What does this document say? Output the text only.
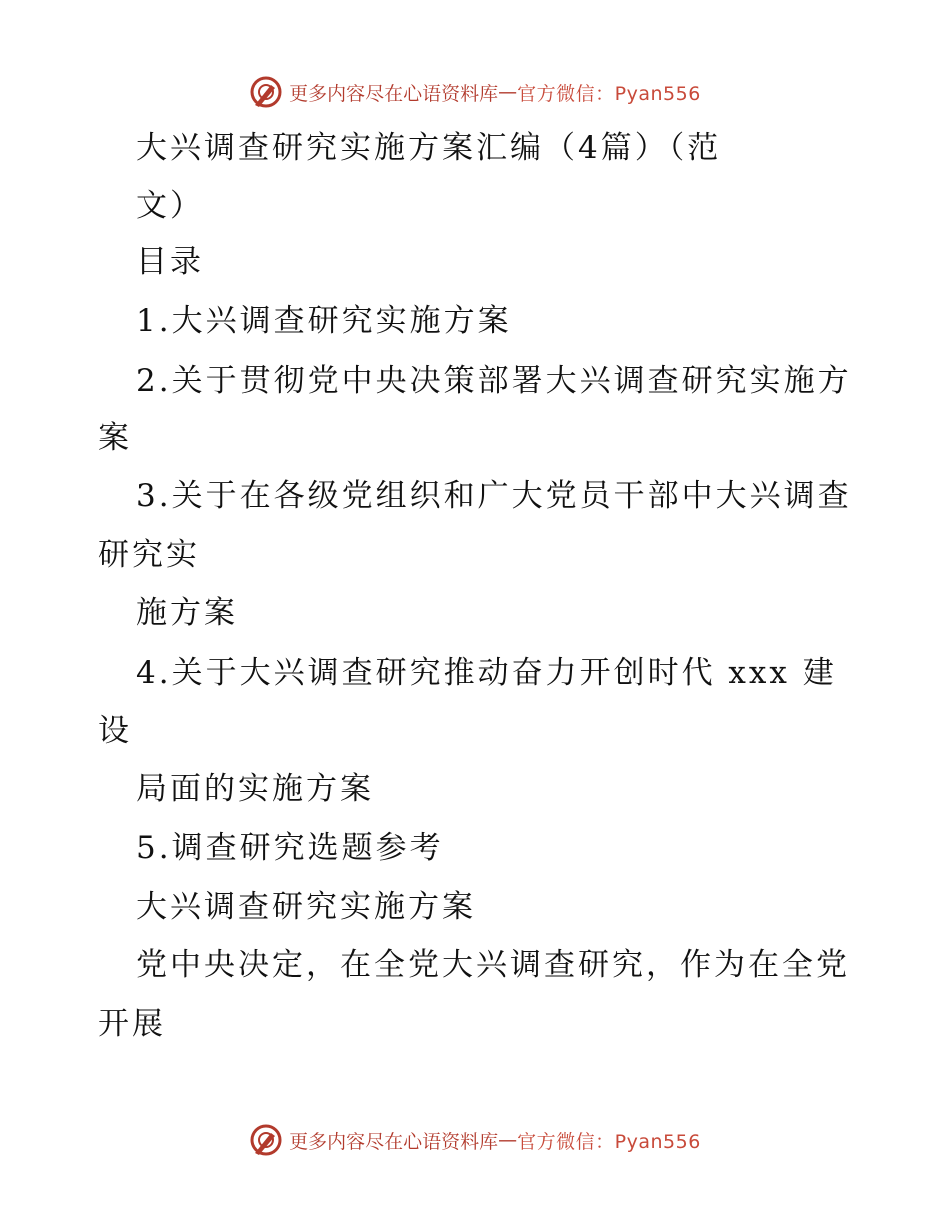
更多内容尽在心语资料库 — 官方微信：Pyan556
大兴调查研究实施方案汇编（4篇）（范
文）
目录
1.大兴调查研究实施方案
2.关于贯彻党中央决策部署大兴调查研究实施方
案
3.关于在各级党组织和广大党员干部中大兴调查
研究实
施方案
4.关于大兴调查研究推动奋力开创时代 xxx 建
设
局面的实施方案
5.调查研究选题参考
大兴调查研究实施方案
党中央决定，在全党大兴调查研究，作为在全党
开展
更多内容尽在心语资料库 — 官方微信：Pyan556
